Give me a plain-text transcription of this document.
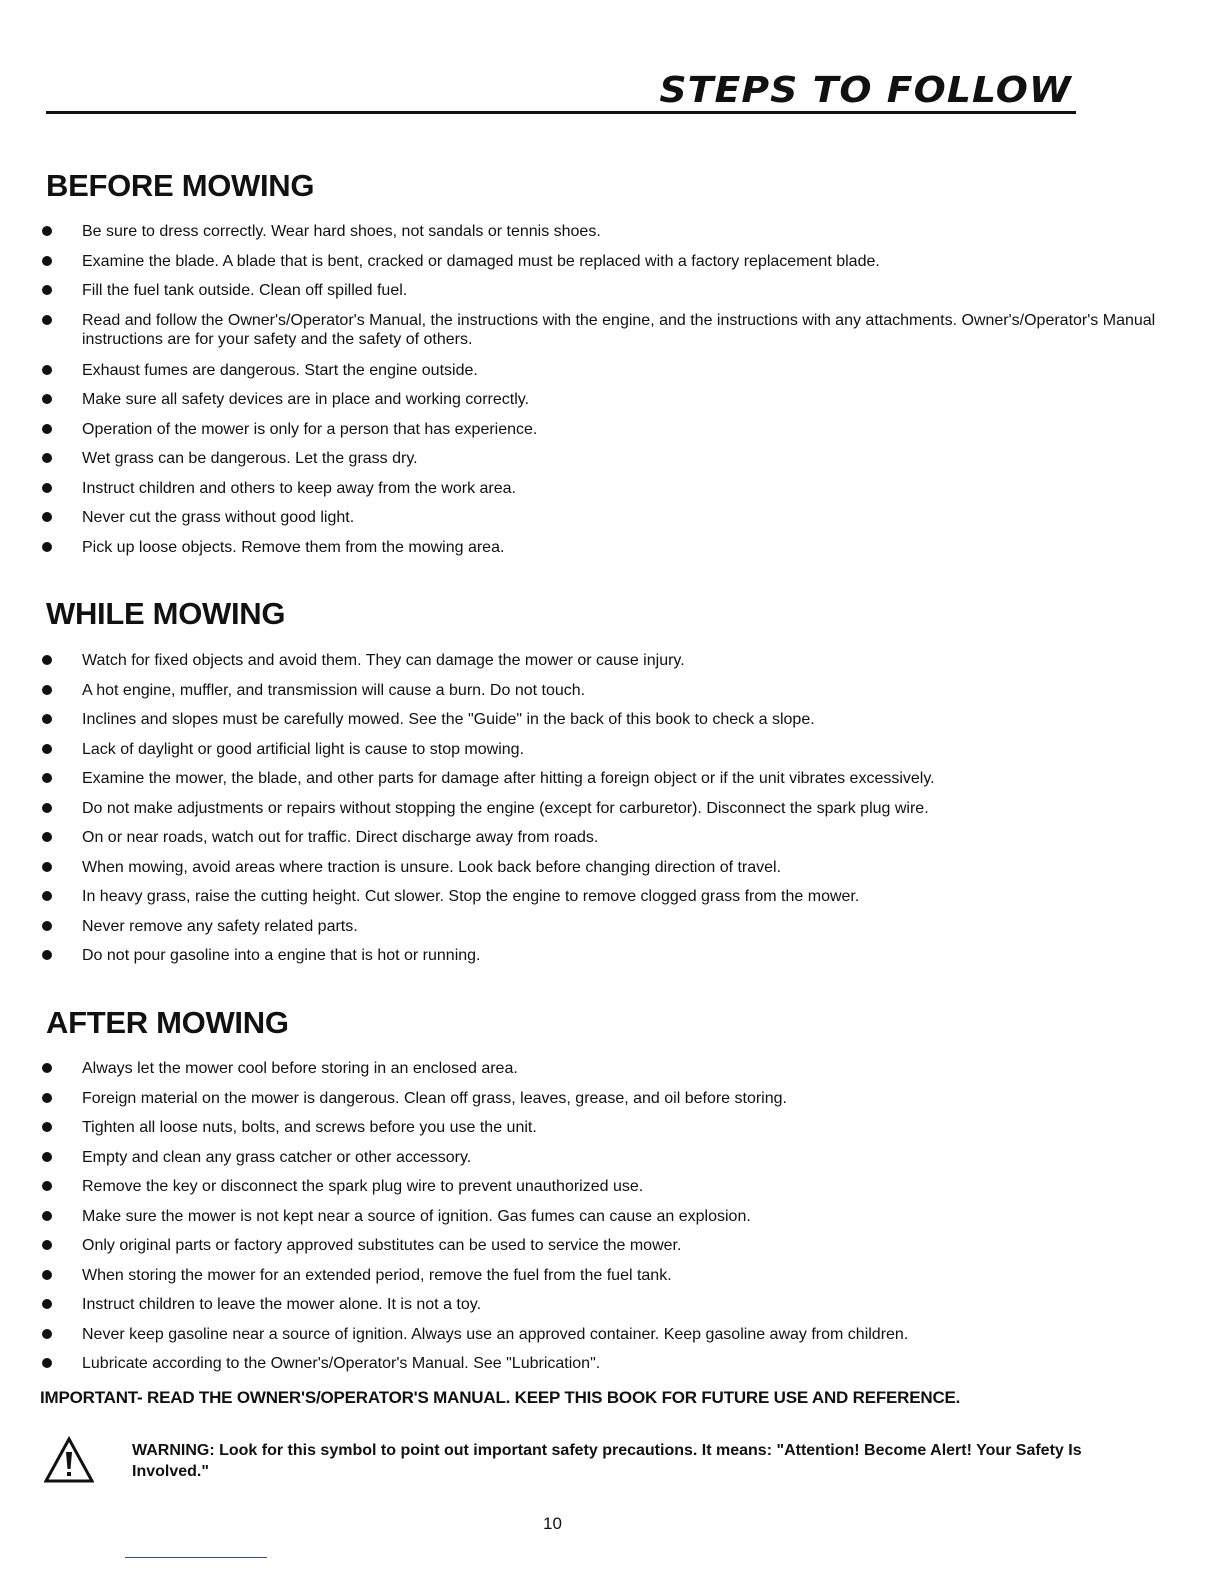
STEPS TO FOLLOW
BEFORE MOWING
Be sure to dress correctly. Wear hard shoes, not sandals or tennis shoes.
Examine the blade. A blade that is bent, cracked or damaged must be replaced with a factory replacement blade.
Fill the fuel tank outside. Clean off spilled fuel.
Read and follow the Owner's/Operator's Manual, the instructions with the engine, and the instructions with any attachments. Owner's/Operator's Manual instructions are for your safety and the safety of others.
Exhaust fumes are dangerous. Start the engine outside.
Make sure all safety devices are in place and working correctly.
Operation of the mower is only for a person that has experience.
Wet grass can be dangerous. Let the grass dry.
Instruct children and others to keep away from the work area.
Never cut the grass without good light.
Pick up loose objects. Remove them from the mowing area.
WHILE MOWING
Watch for fixed objects and avoid them. They can damage the mower or cause injury.
A hot engine, muffler, and transmission will cause a burn. Do not touch.
Inclines and slopes must be carefully mowed. See the "Guide" in the back of this book to check a slope.
Lack of daylight or good artificial light is cause to stop mowing.
Examine the mower, the blade, and other parts for damage after hitting a foreign object or if the unit vibrates excessively.
Do not make adjustments or repairs without stopping the engine (except for carburetor). Disconnect the spark plug wire.
On or near roads, watch out for traffic. Direct discharge away from roads.
When mowing, avoid areas where traction is unsure. Look back before changing direction of travel.
In heavy grass, raise the cutting height. Cut slower. Stop the engine to remove clogged grass from the mower.
Never remove any safety related parts.
Do not pour gasoline into a engine that is hot or running.
AFTER MOWING
Always let the mower cool before storing in an enclosed area.
Foreign material on the mower is dangerous. Clean off grass, leaves, grease, and oil before storing.
Tighten all loose nuts, bolts, and screws before you use the unit.
Empty and clean any grass catcher or other accessory.
Remove the key or disconnect the spark plug wire to prevent unauthorized use.
Make sure the mower is not kept near a source of ignition. Gas fumes can cause an explosion.
Only original parts or factory approved substitutes can be used to service the mower.
When storing the mower for an extended period, remove the fuel from the fuel tank.
Instruct children to leave the mower alone. It is not a toy.
Never keep gasoline near a source of ignition. Always use an approved container. Keep gasoline away from children.
Lubricate according to the Owner's/Operator's Manual. See "Lubrication".
IMPORTANT- READ THE OWNER'S/OPERATOR'S MANUAL. KEEP THIS BOOK FOR FUTURE USE AND REFERENCE.
WARNING: Look for this symbol to point out important safety precautions. It means: "Attention! Become Alert! Your Safety Is Involved."
10
